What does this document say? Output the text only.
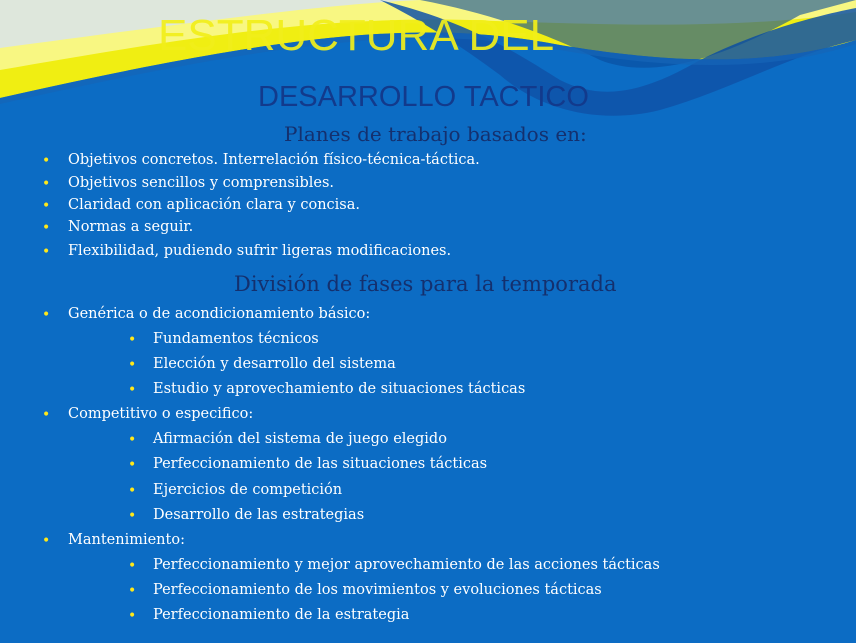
ESTRUCTURA DEL
DESARROLLO TACTICO
Planes de trabajo basados en:
• Objetivos concretos. Interrelación físico-técnica-táctica.
• Objetivos sencillos y comprensibles.
• Claridad con aplicación clara y concisa.
• Normas a seguir.
• Flexibilidad, pudiendo sufrir ligeras modificaciones.
División de fases para la temporada
• Genérica o de acondicionamiento básico:
• Fundamentos técnicos
• Elección y desarrollo del sistema
• Estudio y aprovechamiento de situaciones tácticas
• Competitivo o especifico:
• Afirmación del sistema de juego elegido
• Perfeccionamiento de las situaciones tácticas
• Ejercicios de competición
• Desarrollo de las estrategias
• Mantenimiento:
• Perfeccionamiento y mejor aprovechamiento de las acciones tácticas
• Perfeccionamiento de los movimientos y evoluciones tácticas
• Perfeccionamiento de la estrategia
